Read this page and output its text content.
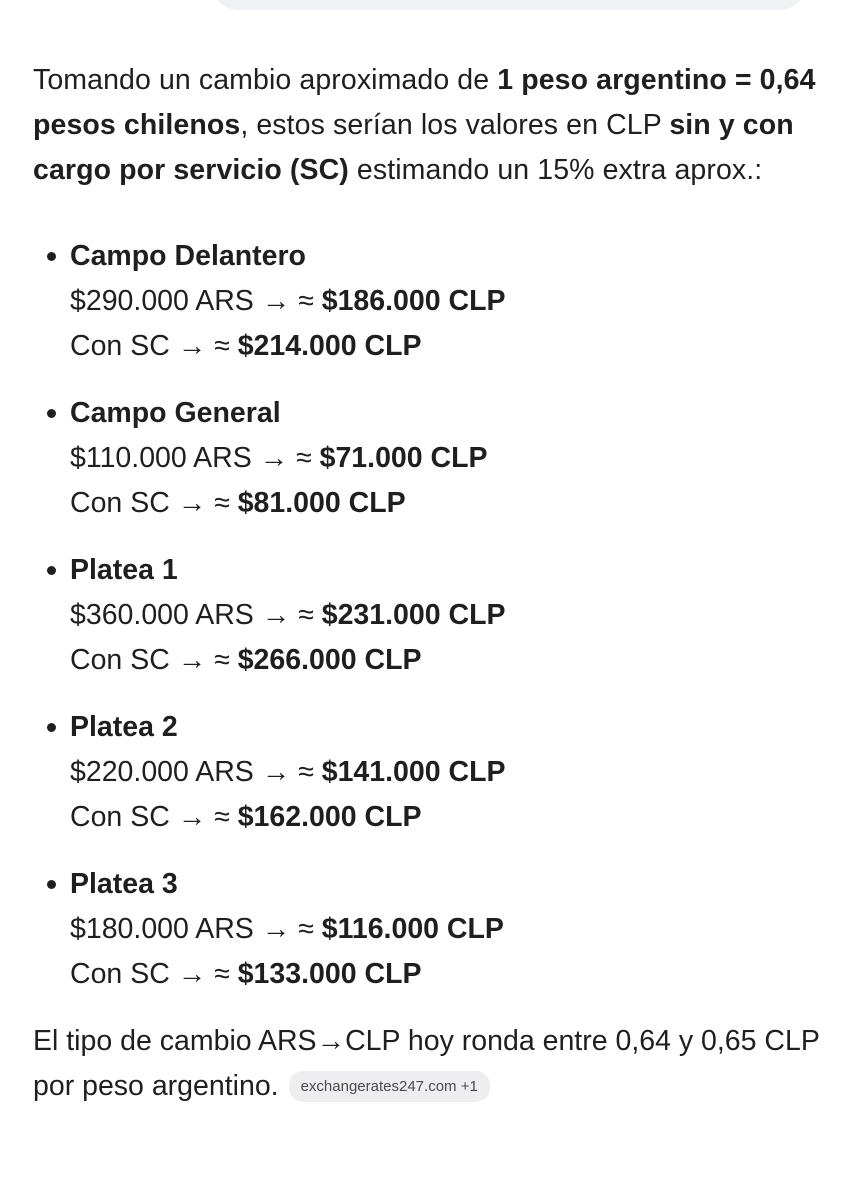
Tomando un cambio aproximado de 1 peso argentino = 0,64 pesos chilenos, estos serían los valores en CLP sin y con cargo por servicio (SC) estimando un 15% extra aprox.:

Campo Delantero
$290.000 ARS → ≈ $186.000 CLP
Con SC → ≈ $214.000 CLP
Campo General
$110.000 ARS → ≈ $71.000 CLP
Con SC → ≈ $81.000 CLP
Platea 1
$360.000 ARS → ≈ $231.000 CLP
Con SC → ≈ $266.000 CLP
Platea 2
$220.000 ARS → ≈ $141.000 CLP
Con SC → ≈ $162.000 CLP
Platea 3
$180.000 ARS → ≈ $116.000 CLP
Con SC → ≈ $133.000 CLP

El tipo de cambio ARS→CLP hoy ronda entre 0,64 y 0,65 CLP por peso argentino. exchangerates247.com +1
